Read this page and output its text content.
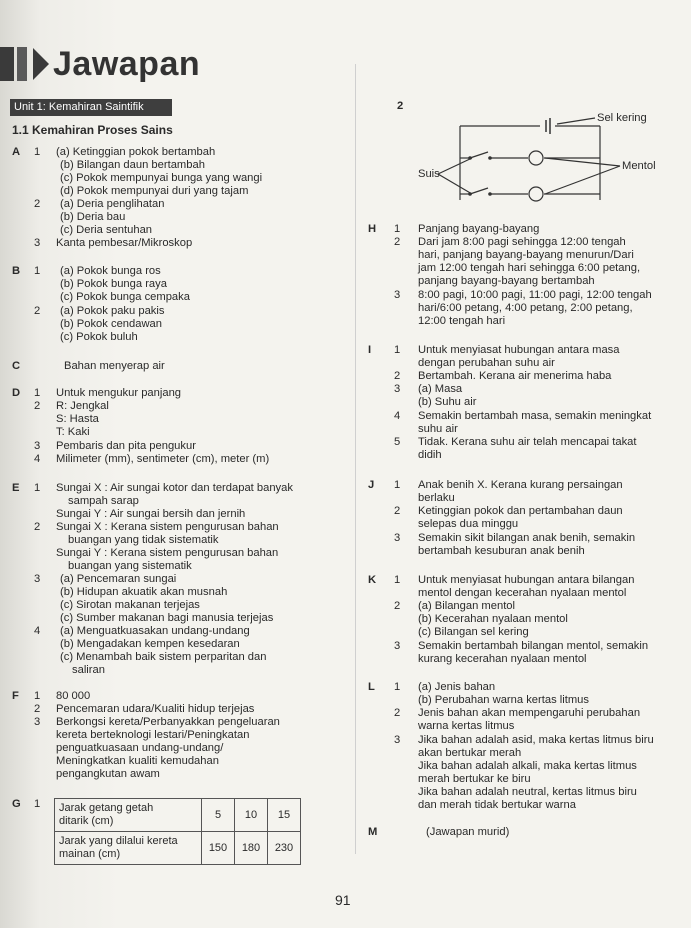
Jawapan
Unit 1: Kemahiran Saintifik
1.1 Kemahiran Proses Sains
A 1 (a) Ketinggian pokok bertambah
(b) Bilangan daun bertambah
(c) Pokok mempunyai bunga yang wangi
(d) Pokok mempunyai duri yang tajam
2 (a) Deria penglihatan
(b) Deria bau
(c) Deria sentuhan
3 Kanta pembesar/Mikroskop
B 1 (a) Pokok bunga ros
(b) Pokok bunga raya
(c) Pokok bunga cempaka
2 (a) Pokok paku pakis
(b) Pokok cendawan
(c) Pokok buluh
C	Bahan menyerap air
D 1 Untuk mengukur panjang
2 R: Jengkal
S: Hasta
T: Kaki
3 Pembaris dan pita pengukur
4 Milimeter (mm), sentimeter (cm), meter (m)
E 1 Sungai X : Air sungai kotor dan terdapat banyak
sampah sarap
Sungai Y : Air sungai bersih dan jernih
2 Sungai X : Kerana sistem pengurusan bahan
buangan yang tidak sistematik
Sungai Y : Kerana sistem pengurusan bahan
buangan yang sistematik
3 (a) Pencemaran sungai
(b) Hidupan akuatik akan musnah
(c) Sirotan makanan terjejas
(c) Sumber makanan bagi manusia terjejas
4 (a) Menguatkuasakan undang-undang
(b) Mengadakan kempen kesedaran
(c) Menambah baik sistem perparitan dan
saliran
F 1 80 000
2 Pencemaran udara/Kualiti hidup terjejas
3 Berkongsi kereta/Perbanyakkan pengeluaran
kereta berteknologi lestari/Peningkatan
penguatkuasaan undang-undang/
Meningkatkan kualiti kemudahan
pengangkutan awam
G 1
H 1 Panjang bayang-bayang
2 Dari jam 8:00 pagi sehingga 12:00 tengah
hari, panjang bayang-bayang menurun/Dari
jam 12:00 tengah hari sehingga 6:00 petang,
panjang bayang-bayang bertambah
3 8:00 pagi, 10:00 pagi, 11:00 pagi, 12:00 tengah
hari/6:00 petang, 4:00 petang, 2:00 petang,
12:00 tengah hari
I 1 Untuk menyiasat hubungan antara masa
dengan perubahan suhu air
2 Bertambah. Kerana air menerima haba
3 (a) Masa
(b) Suhu air
4 Semakin bertambah masa, semakin meningkat
suhu air
5 Tidak. Kerana suhu air telah mencapai takat
didih
J 1 Anak benih X. Kerana kurang persaingan
berlaku
2 Ketinggian pokok dan pertambahan daun
selepas dua minggu
3 Semakin sikit bilangan anak benih, semakin
bertambah kesuburan anak benih
K 1 Untuk menyiasat hubungan antara bilangan
mentol dengan kecerahan nyalaan mentol
2 (a) Bilangan mentol
(b) Kecerahan nyalaan mentol
(c) Bilangan sel kering
3 Semakin bertambah bilangan mentol, semakin
kurang kecerahan nyalaan mentol
L 1 (a) Jenis bahan
(b) Perubahan warna kertas litmus
2 Jenis bahan akan mempengaruhi perubahan
warna kertas litmus
3 Jika bahan adalah asid, maka kertas litmus biru
akan bertukar merah
Jika bahan adalah alkali, maka kertas litmus
merah bertukar ke biru
Jika bahan adalah neutral, kertas litmus biru
dan merah tidak bertukar warna
M	(Jawapan murid)
Jarak getang getah
ditarik (cm)	5	10	15
Jarak yang dilalui kereta
mainan (cm)	150	180	230
2
Sel kering
Mentol
Suis
91
